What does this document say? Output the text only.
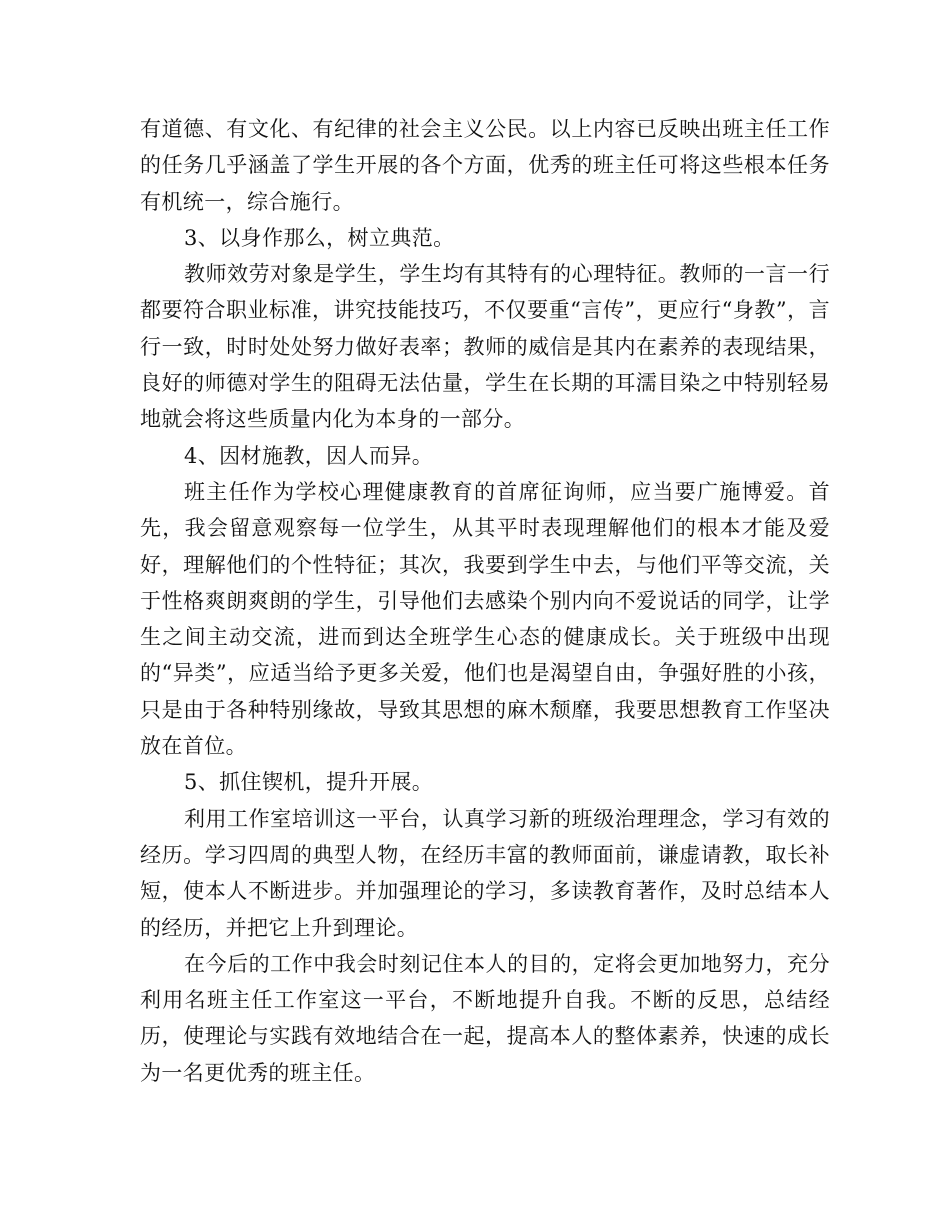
有道德、有文化、有纪律的社会主义公民。以上内容已反映出班主任工作的任务几乎涵盖了学生开展的各个方面，优秀的班主任可将这些根本任务有机统一，综合施行。

3、以身作那么，树立典范。

教师效劳对象是学生，学生均有其特有的心理特征。教师的一言一行都要符合职业标准，讲究技能技巧，不仅要重“言传”，更应行“身教”，言行一致，时时处处努力做好表率；教师的威信是其内在素养的表现结果，良好的师德对学生的阻碍无法估量，学生在长期的耳濡目染之中特别轻易地就会将这些质量内化为本身的一部分。

4、因材施教，因人而异。

班主任作为学校心理健康教育的首席征询师，应当要广施博爱。首先，我会留意观察每一位学生，从其平时表现理解他们的根本才能及爱好，理解他们的个性特征；其次，我要到学生中去，与他们平等交流，关于性格爽朗爽朗的学生，引导他们去感染个别内向不爱说话的同学，让学生之间主动交流，进而到达全班学生心态的健康成长。关于班级中出现的“异类”，应适当给予更多关爱，他们也是渴望自由，争强好胜的小孩，只是由于各种特别缘故，导致其思想的麻木颓靡，我要思想教育工作坚决放在首位。

5、抓住锲机，提升开展。

利用工作室培训这一平台，认真学习新的班级治理理念，学习有效的经历。学习四周的典型人物，在经历丰富的教师面前，谦虚请教，取长补短，使本人不断进步。并加强理论的学习，多读教育著作，及时总结本人的经历，并把它上升到理论。

在今后的工作中我会时刻记住本人的目的，定将会更加地努力，充分利用名班主任工作室这一平台，不断地提升自我。不断的反思，总结经历，使理论与实践有效地结合在一起，提高本人的整体素养，快速的成长为一名更优秀的班主任。
